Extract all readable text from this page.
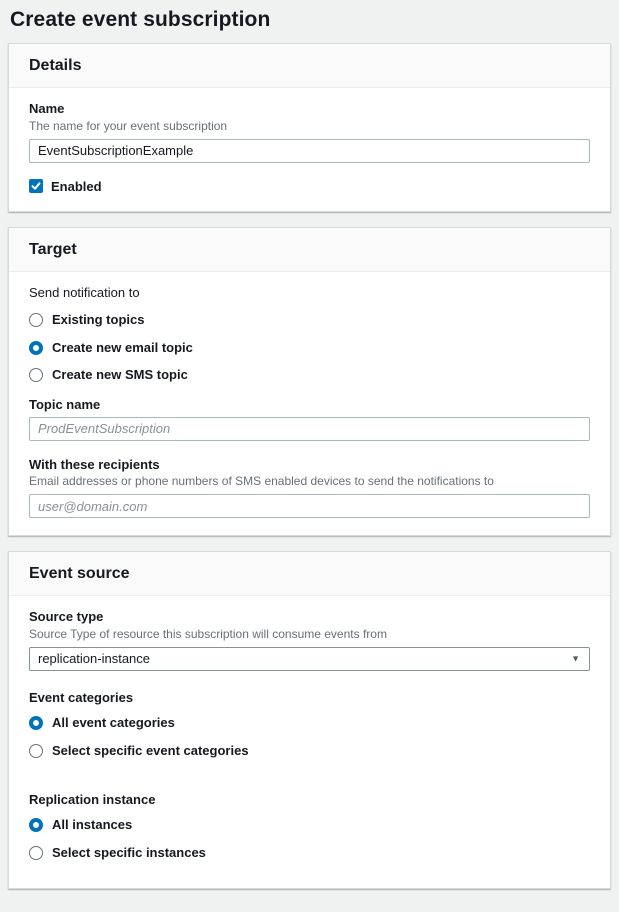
Create event subscription
Details
Name
The name for your event subscription
EventSubscriptionExample
Enabled
Target
Send notification to
Existing topics
Create new email topic
Create new SMS topic
Topic name
ProdEventSubscription
With these recipients
Email addresses or phone numbers of SMS enabled devices to send the notifications to
user@domain.com
Event source
Source type
Source Type of resource this subscription will consume events from
replication-instance	▼
Event categories
All event categories
Select specific event categories
Replication instance
All instances
Select specific instances
